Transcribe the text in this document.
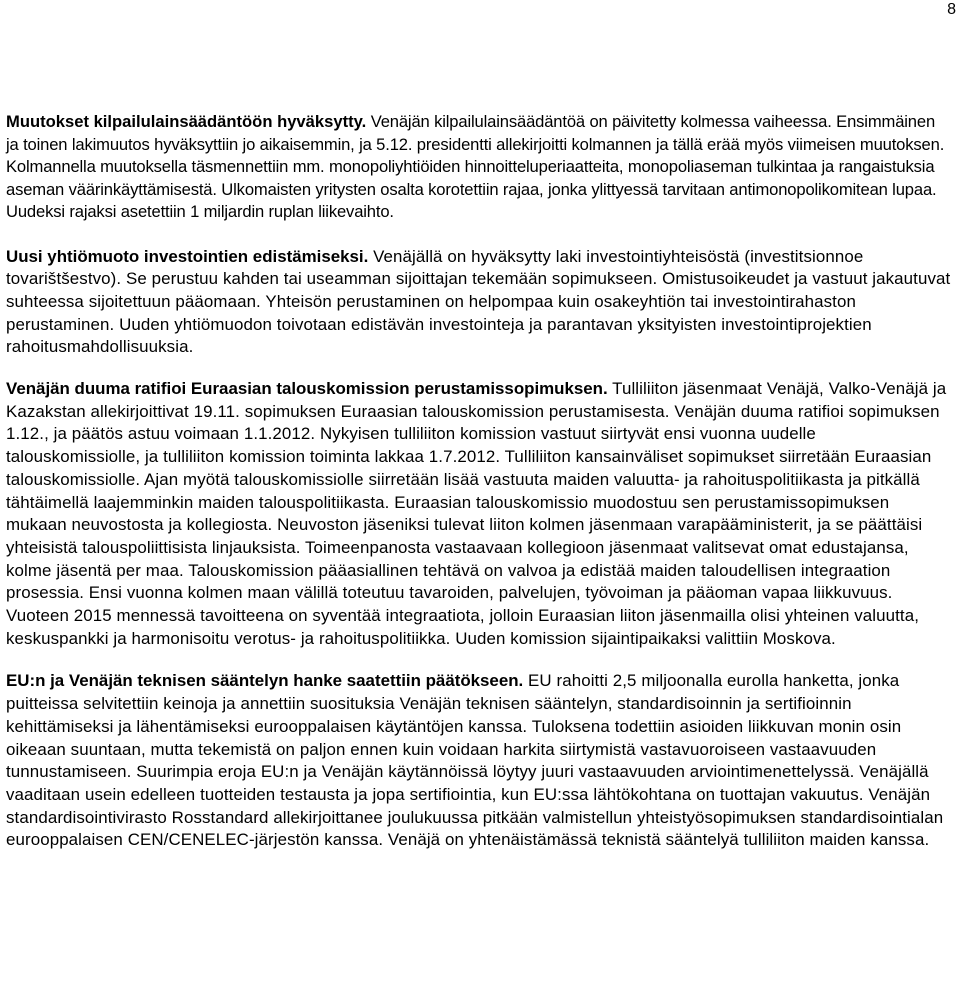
8

Muutokset kilpailulainsäädäntöön hyväksytty. Venäjän kilpailulainsäädäntöä on päivitetty kolmessa vaiheessa. Ensimmäinen ja toinen lakimuutos hyväksyttiin jo aikaisemmin, ja 5.12. presidentti allekirjoitti kolmannen ja tällä erää myös viimeisen muutoksen. Kolmannella muutoksella täsmennettiin mm. monopoliyhtiöiden hinnoitteluperiaatteita, monopoliaseman tulkintaa ja rangaistuksia aseman väärinkäyttämisestä. Ulkomaisten yritysten osalta korotettiin rajaa, jonka ylittyessä tarvitaan antimonopolikomitean lupaa. Uudeksi rajaksi asetettiin 1 miljardin ruplan liikevaihto.

Uusi yhtiömuoto investointien edistämiseksi. Venäjällä on hyväksytty laki investointiyhteisöstä (investitsionnoe tovarištšestvo). Se perustuu kahden tai useamman sijoittajan tekemään sopimukseen. Omistusoikeudet ja vastuut jakautuvat suhteessa sijoitettuun pääomaan. Yhteisön perustaminen on helpompaa kuin osakeyhtiön tai investointirahaston perustaminen. Uuden yhtiömuodon toivotaan edistävän investointeja ja parantavan yksityisten investointiprojektien rahoitusmahdollisuuksia.

Venäjän duuma ratifioi Euraasian talouskomission perustamissopimuksen. Tulliliiton jäsenmaat Venäjä, Valko-Venäjä ja Kazakstan allekirjoittivat 19.11. sopimuksen Euraasian talouskomission perustamisesta. Venäjän duuma ratifioi sopimuksen 1.12., ja päätös astuu voimaan 1.1.2012. Nykyisen tulliliiton komission vastuut siirtyvät ensi vuonna uudelle talouskomissiolle, ja tulliliiton komission toiminta lakkaa 1.7.2012. Tulliliiton kansainväliset sopimukset siirretään Euraasian talouskomissiolle. Ajan myötä talouskomissiolle siirretään lisää vastuuta maiden valuutta- ja rahoituspolitiikasta ja pitkällä tähtäimellä laajemminkin maiden talouspolitiikasta. Euraasian talouskomissio muodostuu sen perustamissopimuksen mukaan neuvostosta ja kollegiosta. Neuvoston jäseniksi tulevat liiton kolmen jäsenmaan varapääministerit, ja se päättäisi yhteisistä talouspoliittisista linjauksista. Toimeenpanosta vastaavaan kollegioon jäsenmaat valitsevat omat edustajansa, kolme jäsentä per maa. Talouskomission pääasiallinen tehtävä on valvoa ja edistää maiden taloudellisen integraation prosessia. Ensi vuonna kolmen maan välillä toteutuu tavaroiden, palvelujen, työvoiman ja pääoman vapaa liikkuvuus. Vuoteen 2015 mennessä tavoitteena on syventää integraatiota, jolloin Euraasian liiton jäsenmailla olisi yhteinen valuutta, keskuspankki ja harmonisoitu verotus- ja rahoituspolitiikka. Uuden komission sijaintipaikaksi valittiin Moskova.

EU:n ja Venäjän teknisen sääntelyn hanke saatettiin päätökseen. EU rahoitti 2,5 miljoonalla eurolla hanketta, jonka puitteissa selvitettiin keinoja ja annettiin suosituksia Venäjän teknisen sääntelyn, standardisoinnin ja sertifioinnin kehittämiseksi ja lähentämiseksi eurooppalaisen käytäntöjen kanssa. Tuloksena todettiin asioiden liikkuvan monin osin oikeaan suuntaan, mutta tekemistä on paljon ennen kuin voidaan harkita siirtymistä vastavuoroiseen vastaavuuden tunnustamiseen. Suurimpia eroja EU:n ja Venäjän käytännöissä löytyy juuri vastaavuuden arviointimenettelyssä. Venäjällä vaaditaan usein edelleen tuotteiden testausta ja jopa sertifiointia, kun EU:ssa lähtökohtana on tuottajan vakuutus. Venäjän standardisointivirasto Rosstandard allekirjoittanee joulukuussa pitkään valmistellun yhteistyösopimuksen standardisointialan eurooppalaisen CEN/CENELEC-järjestön kanssa. Venäjä on yhtenäistämässä teknistä sääntelyä tulliliiton maiden kanssa.
